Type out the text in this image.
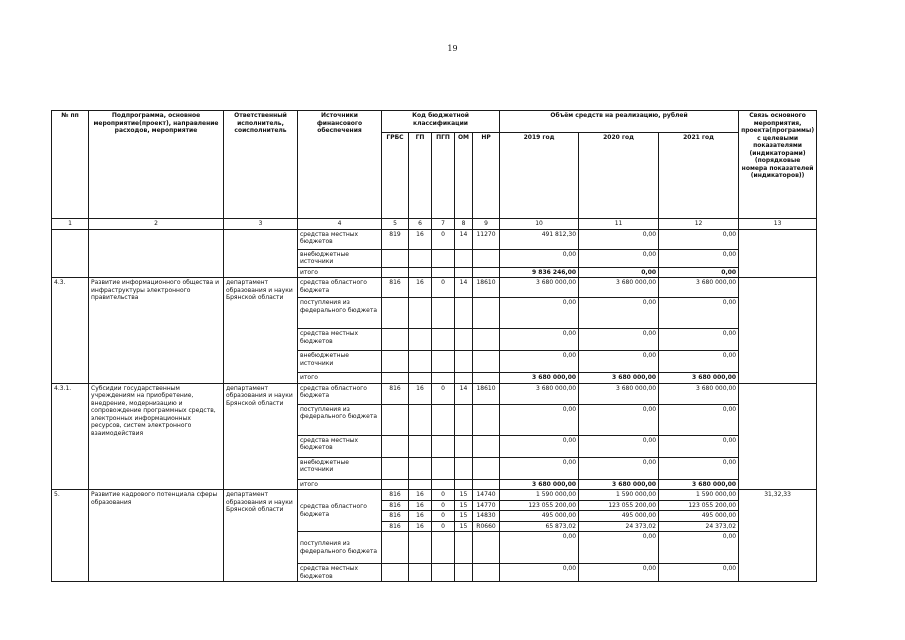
19
№ пп	Подпрограмма, основное мероприятие(проект), направление расходов, мероприятие	Ответственный исполнитель, соисполнитель	Источники финансового обеспечения	Код бюджетной классификации					Объём средств на реализацию, рублей			Связь основного мероприятия, проекта(программы) с целевыми показателями (индикаторами) (порядковые номера показателей (индикаторов))
				ГРБС	ГП	ПГП	ОМ	НР	2019 год	2020 год	2021 год	
1	2	3	4	5	6	7	8	9	10	11	12	13
			средства местных бюджетов	819	16	0	14	11270	491 812,30	0,00	0,00	
			внебюджетные источники						0,00	0,00	0,00	
			итого						9 836 246,00	0,00	0,00	
4.3.	Развитие информационного общества и инфраструктуры электронного правительства	департамент образования и науки Брянской области	средства областного бюджета	816	16	0	14	18610	3 680 000,00	3 680 000,00	3 680 000,00	
			поступления из федерального бюджета						0,00	0,00	0,00	
			средства местных бюджетов						0,00	0,00	0,00	
			внебюджетные источники						0,00	0,00	0,00	
			итого						3 680 000,00	3 680 000,00	3 680 000,00	
4.3.1.	Субсидии государственным учреждениям на приобретение, внедрение, модернизацию и сопровождение программных средств, электронных информационных ресурсов, систем электронного взаимодействия	департамент образования и науки Брянской области	средства областного бюджета	816	16	0	14	18610	3 680 000,00	3 680 000,00	3 680 000,00	
			поступления из федерального бюджета						0,00	0,00	0,00	
			средства местных бюджетов						0,00	0,00	0,00	
			внебюджетные источники						0,00	0,00	0,00	
			итого						3 680 000,00	3 680 000,00	3 680 000,00	
5.	Развитие кадрового потенциала сферы образования	департамент образования и науки Брянской области	средства областного бюджета	816	16	0	15	14740	1 590 000,00	1 590 000,00	1 590 000,00	31,32,33
				816	16	0	15	14770	123 055 200,00	123 055 200,00	123 055 200,00	
				816	16	0	15	14830	495 000,00	495 000,00	495 000,00	
				816	16	0	15	R0660	65 873,02	24 373,02	24 373,02	
			поступления из федерального бюджета						0,00	0,00	0,00	
			средства местных бюджетов						0,00	0,00	0,00	
